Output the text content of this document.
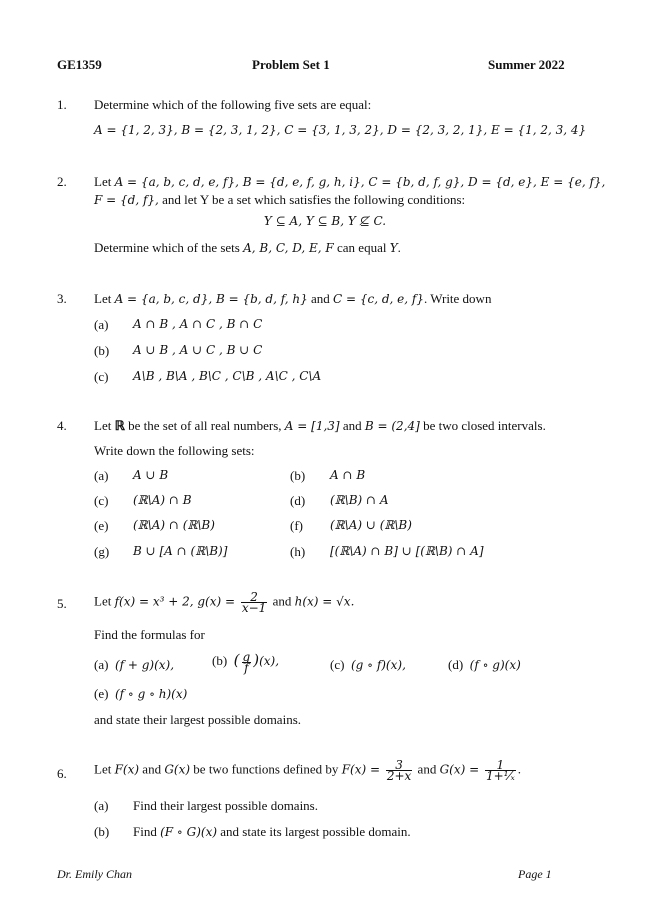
GE1359	Problem Set 1	Summer 2022
1. Determine which of the following five sets are equal:
A = {1, 2, 3}, B = {2, 3, 1, 2}, C = {3, 1, 3, 2}, D = {2, 3, 2, 1}, E = {1, 2, 3, 4}
2. Let A = {a, b, c, d, e, f}, B = {d, e, f, g, h, i}, C = {b, d, f, g}, D = {d, e}, E = {e, f},
F = {d, f}, and let Y be a set which satisfies the following conditions:
Y ⊆ A, Y ⊆ B, Y ⊈ C.
Determine which of the sets A, B, C, D, E, F can equal Y.
3. Let A = {a, b, c, d}, B = {b, d, f, h} and C = {c, d, e, f}. Write down
(a) A ∩ B , A ∩ C , B ∩ C
(b) A ∪ B , A ∪ C , B ∪ C
(c) A\B , B\A , B\C , C\B , A\C , C\A
4. Let ℝ be the set of all real numbers, A = [1,3] and B = (2,4] be two closed intervals.
Write down the following sets:
(a) A ∪ B	(b) A ∩ B
(c) (ℝ\A) ∩ B	(d) (ℝ\B) ∩ A
(e) (ℝ\A) ∩ (ℝ\B)	(f) (ℝ\A) ∪ (ℝ\B)
(g) B ∪ [A ∩ (ℝ\B)]	(h) [(ℝ\A) ∩ B] ∪ [(ℝ\B) ∩ A]
5. Let f(x) = x³ + 2, $g(x) = \frac{2}{x-1}$ and h(x) = √x.
Find the formulas for
(a) (f + g)(x),	(b) ( $\frac{g}{f} )(x)$,	(c) (g ∘ f)(x),	(d) (f ∘ g)(x)
(e) (f ∘ g ∘ h)(x)
and state their largest possible domains.
6. Let F(x) and G(x) be two functions defined by $F(x) = \frac{3}{2+x}$ and $G(x) = \frac{1}{\text{1+¹⁄ₓ}}$ .
(a) Find their largest possible domains.
(b) Find (F ∘ G)(x) and state its largest possible domain.
Dr. Emily Chan	Page 1
